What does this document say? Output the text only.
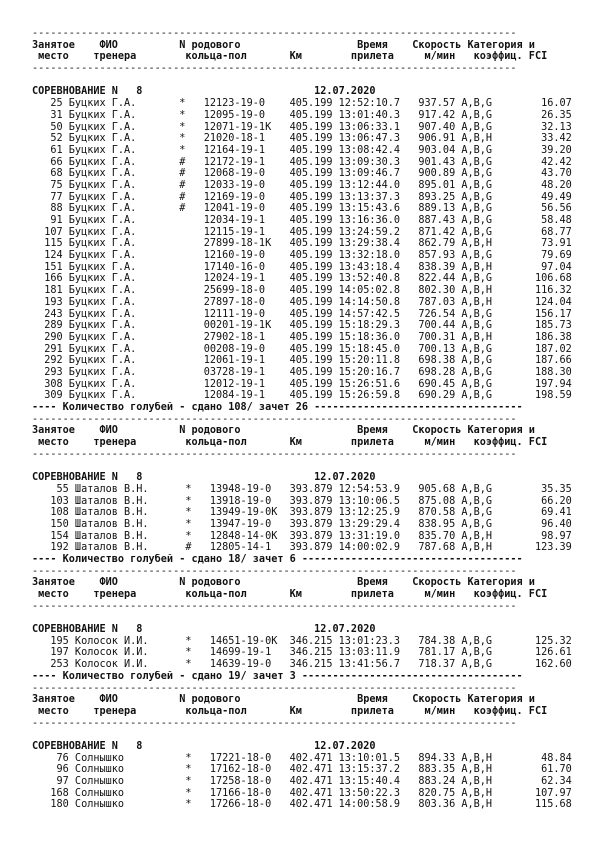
-------------------------------------------------------------------------------
Занятое    ФИО          N родового                   Время    Скорость Категория и
место    тренера        кольца-пол       Км        прилета     м/мин   коэффиц. FCI
-------------------------------------------------------------------------------
СОРЕВНОВАНИЕ N   8                            12.07.2020
25 Буцких Г.А.       *   12123-19-0    405.199 12:52:10.7   937.57 A,B,G        16.07
31 Буцких Г.А.       *   12095-19-0    405.199 13:01:40.3   917.42 A,B,G        26.35
50 Буцких Г.А.       *   12071-19-1К   405.199 13:06:33.1   907.40 A,B,G        32.13
52 Буцких Г.А.       *   21020-18-1    405.199 13:06:47.3   906.91 A,B,H        33.42
61 Буцких Г.А.       *   12164-19-1    405.199 13:08:42.4   903.04 A,B,G        39.20
66 Буцких Г.А.       #   12172-19-1    405.199 13:09:30.3   901.43 A,B,G        42.42
68 Буцких Г.А.       #   12068-19-0    405.199 13:09:46.7   900.89 A,B,G        43.70
75 Буцких Г.А.       #   12033-19-0    405.199 13:12:44.0   895.01 A,B,G        48.20
77 Буцких Г.А.       #   12169-19-0    405.199 13:13:37.3   893.25 A,B,G        49.49
88 Буцких Г.А.       #   12041-19-0    405.199 13:15:43.6   889.13 A,B,G        56.56
91 Буцких Г.А.           12034-19-1    405.199 13:16:36.0   887.43 A,B,G        58.48
107 Буцких Г.А.           12115-19-1    405.199 13:24:59.2   871.42 A,B,G        68.77
115 Буцких Г.А.           27899-18-1К   405.199 13:29:38.4   862.79 A,B,H        73.91
124 Буцких Г.А.           12160-19-0    405.199 13:32:18.0   857.93 A,B,G        79.69
151 Буцких Г.А.           17140-16-0    405.199 13:43:18.4   838.39 A,B,H        97.04
166 Буцких Г.А.           12024-19-1    405.199 13:52:40.8   822.44 A,B,G       106.68
181 Буцких Г.А.           25699-18-0    405.199 14:05:02.8   802.30 A,B,H       116.32
193 Буцких Г.А.           27897-18-0    405.199 14:14:50.8   787.03 A,B,H       124.04
243 Буцких Г.А.           12111-19-0    405.199 14:57:42.5   726.54 A,B,G       156.17
289 Буцких Г.А.           00201-19-1К   405.199 15:18:29.3   700.44 A,B,G       185.73
290 Буцких Г.А.           27902-18-1    405.199 15:18:36.0   700.31 A,B,H       186.38
291 Буцких Г.А.           00208-19-0    405.199 15:18:45.0   700.13 A,B,G       187.02
292 Буцких Г.А.           12061-19-1    405.199 15:20:11.8   698.38 A,B,G       187.66
293 Буцких Г.А.           03728-19-1    405.199 15:20:16.7   698.28 A,B,G       188.30
308 Буцких Г.А.           12012-19-1    405.199 15:26:51.6   690.45 A,B,G       197.94
309 Буцких Г.А.           12084-19-1    405.199 15:26:59.8   690.29 A,B,G       198.59
---- Количество голубей - сдано 108/ зачет 26 ----------------------------------
-------------------------------------------------------------------------------
Занятое    ФИО          N родового                   Время    Скорость Категория и
место    тренера        кольца-пол       Км        прилета     м/мин   коэффиц. FCI
-------------------------------------------------------------------------------
СОРЕВНОВАНИЕ N   8                            12.07.2020
55 Шаталов В.Н.      *   13948-19-0   393.879 12:54:53.9   905.68 A,B,G        35.35
103 Шаталов В.Н.      *   13918-19-0   393.879 13:10:06.5   875.08 A,B,G        66.20
108 Шаталов В.Н.      *   13949-19-0К  393.879 13:12:25.9   870.58 A,B,G        69.41
150 Шаталов В.Н.      *   13947-19-0   393.879 13:29:29.4   838.95 A,B,G        96.40
154 Шаталов В.Н.      *   12848-14-0К  393.879 13:31:19.0   835.70 A,B,H        98.97
192 Шаталов В.Н.      #   12805-14-1   393.879 14:00:02.9   787.68 A,B,H       123.39
---- Количество голубей - сдано 18/ зачет 6 ------------------------------------
-------------------------------------------------------------------------------
Занятое    ФИО          N родового                   Время    Скорость Категория и
место    тренера        кольца-пол       Км        прилета     м/мин   коэффиц. FCI
-------------------------------------------------------------------------------
СОРЕВНОВАНИЕ N   8                            12.07.2020
195 Колосок И.И.      *   14651-19-0К  346.215 13:01:23.3   784.38 A,B,G       125.32
197 Колосок И.И.      *   14699-19-1   346.215 13:03:11.9   781.17 A,B,G       126.61
253 Колосок И.И.      *   14639-19-0   346.215 13:41:56.7   718.37 A,B,G       162.60
---- Количество голубей - сдано 19/ зачет 3 ------------------------------------
-------------------------------------------------------------------------------
Занятое    ФИО          N родового                   Время    Скорость Категория и
место    тренера        кольца-пол       Км        прилета     м/мин   коэффиц. FCI
-------------------------------------------------------------------------------
СОРЕВНОВАНИЕ N   8                            12.07.2020
76 Солнышко          *   17221-18-0   402.471 13:10:01.5   894.33 A,B,H        48.84
96 Солнышко          *   17162-18-0   402.471 13:15:37.2   883.35 A,B,H        61.70
97 Солнышко          *   17258-18-0   402.471 13:15:40.4   883.24 A,B,H        62.34
168 Солнышко          *   17166-18-0   402.471 13:50:22.3   820.75 A,B,H       107.97
180 Солнышко          *   17266-18-0   402.471 14:00:58.9   803.36 A,B,H       115.68
